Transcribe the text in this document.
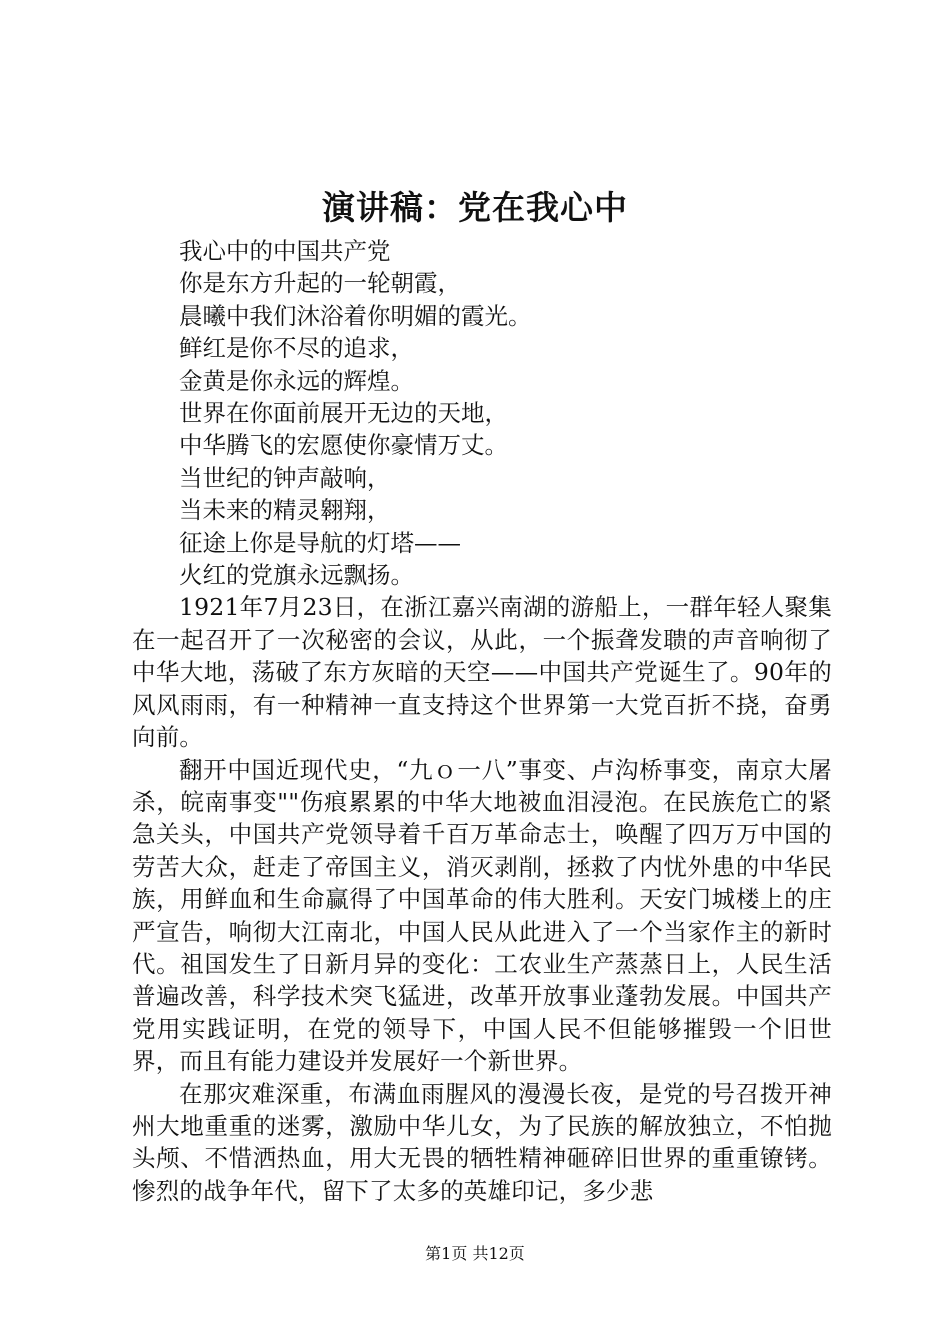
演讲稿：党在我心中

我心中的中国共产党

你是东方升起的一轮朝霞，

晨曦中我们沐浴着你明媚的霞光。

鲜红是你不尽的追求，

金黄是你永远的辉煌。

世界在你面前展开无边的天地，

中华腾飞的宏愿使你豪情万丈。

当世纪的钟声敲响，

当未来的精灵翱翔，

征途上你是导航的灯塔——

火红的党旗永远飘扬。

1921年7月23日，在浙江嘉兴南湖的游船上，一群年轻人聚集在一起召开了一次秘密的会议，从此，一个振聋发聩的声音响彻了中华大地，荡破了东方灰暗的天空——中国共产党诞生了。90年的风风雨雨，有一种精神一直支持这个世界第一大党百折不挠，奋勇向前。

翻开中国近现代史，“九ｏ一八”事变、卢沟桥事变，南京大屠杀，皖南事变""伤痕累累的中华大地被血泪浸泡。在民族危亡的紧急关头，中国共产党领导着千百万革命志士，唤醒了四万万中国的劳苦大众，赶走了帝国主义，消灭剥削，拯救了内忧外患的中华民族，用鲜血和生命赢得了中国革命的伟大胜利。天安门城楼上的庄严宣告，响彻大江南北，中国人民从此进入了一个当家作主的新时代。祖国发生了日新月异的变化：工农业生产蒸蒸日上，人民生活普遍改善，科学技术突飞猛进，改革开放事业蓬勃发展。中国共产党用实践证明，在党的领导下，中国人民不但能够摧毁一个旧世界，而且有能力建设并发展好一个新世界。

在那灾难深重，布满血雨腥风的漫漫长夜，是党的号召拨开神州大地重重的迷雾，激励中华儿女，为了民族的解放独立，不怕抛头颅、不惜洒热血，用大无畏的牺牲精神砸碎旧世界的重重镣铐。惨烈的战争年代，留下了太多的英雄印记，多少悲

第1页 共12页
